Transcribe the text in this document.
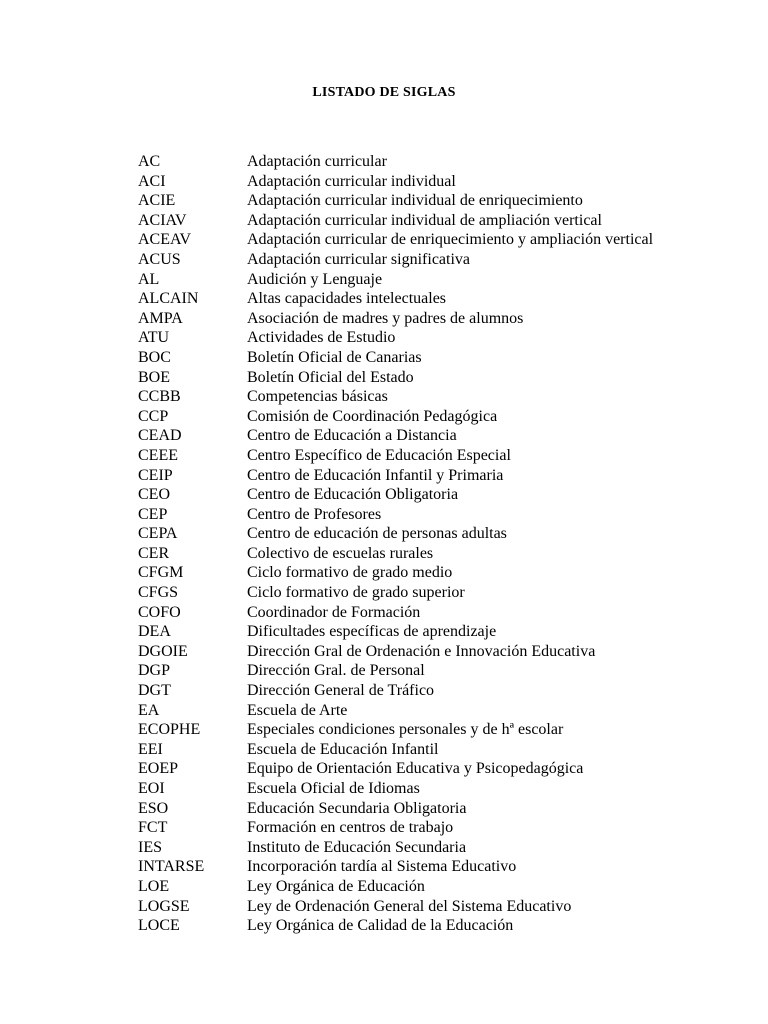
LISTADO DE SIGLAS
AC	Adaptación curricular
ACI	Adaptación curricular individual
ACIE	Adaptación curricular individual de enriquecimiento
ACIAV	Adaptación curricular individual de ampliación vertical
ACEAV	Adaptación curricular de enriquecimiento y ampliación vertical
ACUS	Adaptación curricular significativa
AL	Audición y Lenguaje
ALCAIN	Altas capacidades intelectuales
AMPA	Asociación de madres y padres de alumnos
ATU	Actividades de Estudio
BOC	Boletín Oficial de Canarias
BOE	Boletín Oficial del Estado
CCBB	Competencias básicas
CCP	Comisión de Coordinación Pedagógica
CEAD	Centro de Educación a Distancia
CEEE	Centro Específico de Educación Especial
CEIP	Centro de Educación Infantil y Primaria
CEO	Centro de Educación Obligatoria
CEP	Centro de Profesores
CEPA	Centro de educación de personas adultas
CER	Colectivo de escuelas rurales
CFGM	Ciclo formativo de grado medio
CFGS	Ciclo formativo de grado superior
COFO	Coordinador de Formación
DEA	Dificultades específicas de aprendizaje
DGOIE	Dirección Gral de Ordenación e Innovación Educativa
DGP	Dirección Gral. de Personal
DGT	Dirección General de Tráfico
EA	Escuela de Arte
ECOPHE	Especiales condiciones personales y de hª escolar
EEI	Escuela de Educación Infantil
EOEP	Equipo de Orientación Educativa y Psicopedagógica
EOI	Escuela Oficial de Idiomas
ESO	Educación Secundaria Obligatoria
FCT	Formación en centros de trabajo
IES	Instituto de Educación Secundaria
INTARSE	Incorporación tardía al Sistema Educativo
LOE	Ley Orgánica de Educación
LOGSE	Ley de Ordenación General del Sistema Educativo
LOCE	Ley Orgánica de Calidad de la Educación
